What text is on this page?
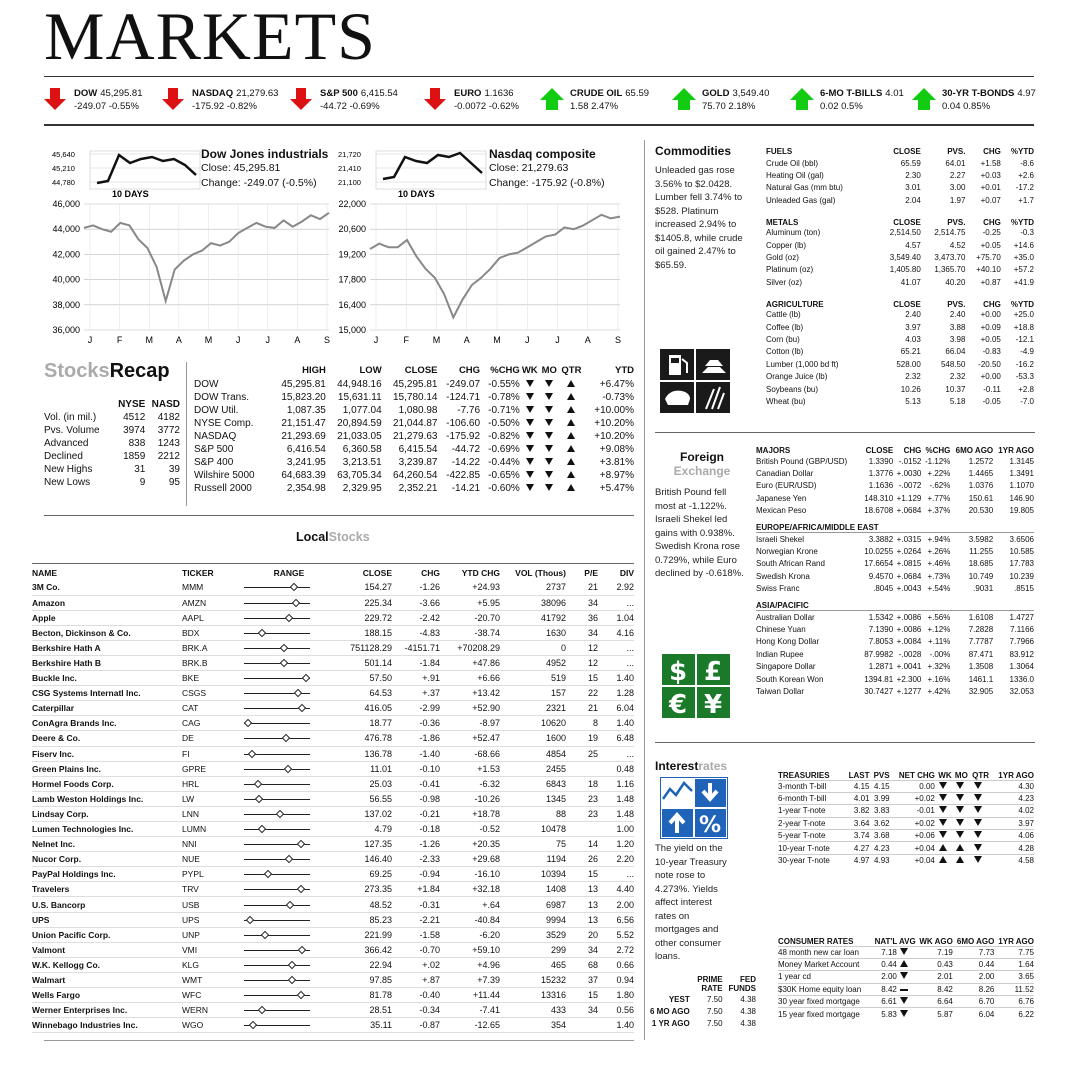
MARKETS
DOW 45,295.81
-249.07 -0.55%
NASDAQ 21,279.63
-175.92 -0.82%
S&P 500 6,415.54
-44.72 -0.69%
EURO 1.1636
-0.0072 -0.62%
CRUDE OIL 65.59
1.58 2.47%
GOLD 3,549.40
75.70 2.18%
6-MO T-BILLS 4.01
0.02 0.5%
30-YR T-BONDS 4.97
0.04 0.85%
45,640
45,210
44,780
10 DAYS
Dow Jones industrials
Close: 45,295.81
Change: -249.07 (-0.5%)
46,000
44,000
42,000
40,000
38,000
36,000
J	F	M	A	M	J	J	A	S
21,720
21,410
21,100
10 DAYS
Nasdaq composite
Close: 21,279.63
Change: -175.92 (-0.8%)
22,000
20,600
19,200
17,800
16,400
15,000
J	F	M	A	M	J	J	A	S
StocksRecap
	NYSE	NASD
Vol. (in mil.)	4512	4182
Pvs. Volume	3974	3772
Advanced	838	1243
Declined	1859	2212
New Highs	31	39
New Lows	9	95
	HIGH	LOW	CLOSE	CHG	%CHG	WK	MO	QTR	YTD
DOW	45,295.81	44,948.16	45,295.81	-249.07	-0.55%				+6.47%
DOW Trans.	15,823.20	15,631.11	15,780.14	-124.71	-0.78%				-0.73%
DOW Util.	1,087.35	1,077.04	1,080.98	-7.76	-0.71%				+10.00%
NYSE Comp.	21,151.47	20,894.59	21,044.87	-106.60	-0.50%				+10.20%
NASDAQ	21,293.69	21,033.05	21,279.63	-175.92	-0.82%				+10.20%
S&P 500	6,416.54	6,360.58	6,415.54	-44.72	-0.69%				+9.08%
S&P 400	3,241.95	3,213.51	3,239.87	-14.22	-0.44%				+3.81%
Wilshire 5000	64,683.39	63,705.34	64,260.54	-422.85	-0.65%				+8.97%
Russell 2000	2,354.98	2,329.95	2,352.21	-14.21	-0.60%				+5.47%
LocalStocks
NAME	TICKER	RANGE	CLOSE	CHG	YTD CHG	VOL (Thous)	P/E	DIV
3M Co.	MMM		154.27	-1.26	+24.93	2737	21	2.92
Amazon	AMZN		225.34	-3.66	+5.95	38096	34	...
Apple	AAPL		229.72	-2.42	-20.70	41792	36	1.04
Becton, Dickinson & Co.	BDX		188.15	-4.83	-38.74	1630	34	4.16
Berkshire Hath A	BRK.A		751128.29	-4151.71	+70208.29	0	12	...
Berkshire Hath B	BRK.B		501.14	-1.84	+47.86	4952	12	...
Buckle Inc.	BKE		57.50	+.91	+6.66	519	15	1.40
CSG Systems Internatl Inc.	CSGS		64.53	+.37	+13.42	157	22	1.28
Caterpillar	CAT		416.05	-2.99	+52.90	2321	21	6.04
ConAgra Brands Inc.	CAG		18.77	-0.36	-8.97	10620	8	1.40
Deere & Co.	DE		476.78	-1.86	+52.47	1600	19	6.48
Fiserv Inc.	FI		136.78	-1.40	-68.66	4854	25	...
Green Plains Inc.	GPRE		11.01	-0.10	+1.53	2455		0.48
Hormel Foods Corp.	HRL		25.03	-0.41	-6.32	6843	18	1.16
Lamb Weston Holdings Inc.	LW		56.55	-0.98	-10.26	1345	23	1.48
Lindsay Corp.	LNN		137.02	-0.21	+18.78	88	23	1.48
Lumen Technologies Inc.	LUMN		4.79	-0.18	-0.52	10478		1.00
Nelnet Inc.	NNI		127.35	-1.26	+20.35	75	14	1.20
Nucor Corp.	NUE		146.40	-2.33	+29.68	1194	26	2.20
PayPal Holdings Inc.	PYPL		69.25	-0.94	-16.10	10394	15	...
Travelers	TRV		273.35	+1.84	+32.18	1408	13	4.40
U.S. Bancorp	USB		48.52	-0.31	+.64	6987	13	2.00
UPS	UPS		85.23	-2.21	-40.84	9994	13	6.56
Union Pacific Corp.	UNP		221.99	-1.58	-6.20	3529	20	5.52
Valmont	VMI		366.42	-0.70	+59.10	299	34	2.72
W.K. Kellogg Co.	KLG		22.94	+.02	+4.96	465	68	0.66
Walmart	WMT		97.85	+.87	+7.39	15232	37	0.94
Wells Fargo	WFC		81.78	-0.40	+11.44	13316	15	1.80
Werner Enterprises Inc.	WERN		28.51	-0.34	-7.41	433	34	0.56
Winnebago Industries Inc.	WGO		35.11	-0.87	-12.65	354		1.40
Commodities
Unleaded gas rose 3.56% to $2.0428. Lumber fell 3.74% to $528. Platinum increased 2.94% to $1405.8, while crude oil gained 2.47% to $65.59.
FUELS	CLOSE	PVS.	CHG	%YTD
Crude Oil (bbl)	65.59	64.01	+1.58	-8.6
Heating Oil (gal)	2.30	2.27	+0.03	+2.6
Natural Gas (mm btu)	3.01	3.00	+0.01	-17.2
Unleaded Gas (gal)	2.04	1.97	+0.07	+1.7
METALS	CLOSE	PVS.	CHG	%YTD
Aluminum (ton)	2,514.50	2,514.75	-0.25	-0.3
Copper (lb)	4.57	4.52	+0.05	+14.6
Gold (oz)	3,549.40	3,473.70	+75.70	+35.0
Platinum (oz)	1,405.80	1,365.70	+40.10	+57.2
Silver (oz)	41.07	40.20	+0.87	+41.9
AGRICULTURE	CLOSE	PVS.	CHG	%YTD
Cattle (lb)	2.40	2.40	+0.00	+25.0
Coffee (lb)	3.97	3.88	+0.09	+18.8
Corn (bu)	4.03	3.98	+0.05	-12.1
Cotton (lb)	65.21	66.04	-0.83	-4.9
Lumber (1,000 bd ft)	528.00	548.50	-20.50	-16.2
Orange Juice (lb)	2.32	2.32	+0.00	-53.3
Soybeans (bu)	10.26	10.37	-0.11	+2.8
Wheat (bu)	5.13	5.18	-0.05	-7.0
Foreign
Exchange
British Pound fell most at -1.122%. Israeli Shekel led gains with 0.938%. Swedish Krona rose 0.729%, while Euro declined by -0.618%.
$ £
€ ¥
MAJORS	CLOSE	CHG	%CHG	6MO AGO	1YR AGO
British Pound (GBP/USD)	1.3390	-.0152	-1.12%	1.2572	1.3145
Canadian Dollar	1.3776	+.0030	+.22%	1.4465	1.3491
Euro (EUR/USD)	1.1636	-.0072	-.62%	1.0376	1.1070
Japanese Yen	148.310	+1.129	+.77%	150.61	146.90
Mexican Peso	18.6708	+.0684	+.37%	20.530	19.805
EUROPE/AFRICA/MIDDLE EAST					
Israeli Shekel	3.3882	+.0315	+.94%	3.5982	3.6506
Norwegian Krone	10.0255	+.0264	+.26%	11.255	10.585
South African Rand	17.6654	+.0815	+.46%	18.685	17.783
Swedish Krona	9.4570	+.0684	+.73%	10.749	10.239
Swiss Franc	.8045	+.0043	+.54%	.9031	.8515
ASIA/PACIFIC					
Australian Dollar	1.5342	+.0086	+.56%	1.6108	1.4727
Chinese Yuan	7.1390	+.0086	+.12%	7.2828	7.1166
Hong Kong Dollar	7.8053	+.0084	+.11%	7.7787	7.7966
Indian Rupee	87.9982	-.0028	-.00%	87.471	83.912
Singapore Dollar	1.2871	+.0041	+.32%	1.3508	1.3064
South Korean Won	1394.81	+2.300	+.16%	1461.1	1336.0
Taiwan Dollar	30.7427	+.1277	+.42%	32.905	32.053
Interestrates
%
The yield on the 10-year Treasury note rose to 4.273%. Yields affect interest rates on mortgages and other consumer loans.
	PRIME RATE	FED FUNDS
YEST	7.50	4.38
6 MO AGO	7.50	4.38
1 YR AGO	7.50	4.38
TREASURIES	LAST	PVS	NET CHG	WK	MO	QTR	1YR AGO
3-month T-bill	4.15	4.15	0.00				4.30
6-month T-bill	4.01	3.99	+0.02				4.23
1-year T-note	3.82	3.83	-0.01				4.02
2-year T-note	3.64	3.62	+0.02				3.97
5-year T-note	3.74	3.68	+0.06				4.06
10-year T-note	4.27	4.23	+0.04				4.28
30-year T-note	4.97	4.93	+0.04				4.58
CONSUMER RATES	NAT'L AVG		WK AGO	6MO AGO	1YR AGO
48 month new car loan	7.18		7.19	7.73	7.75
Money Market Account	0.44		0.43	0.44	1.64
1 year cd	2.00		2.01	2.00	3.65
$30K Home equity loan	8.42		8.42	8.26	11.52
30 year fixed mortgage	6.61		6.64	6.70	6.76
15 year fixed mortgage	5.83		5.87	6.04	6.22
